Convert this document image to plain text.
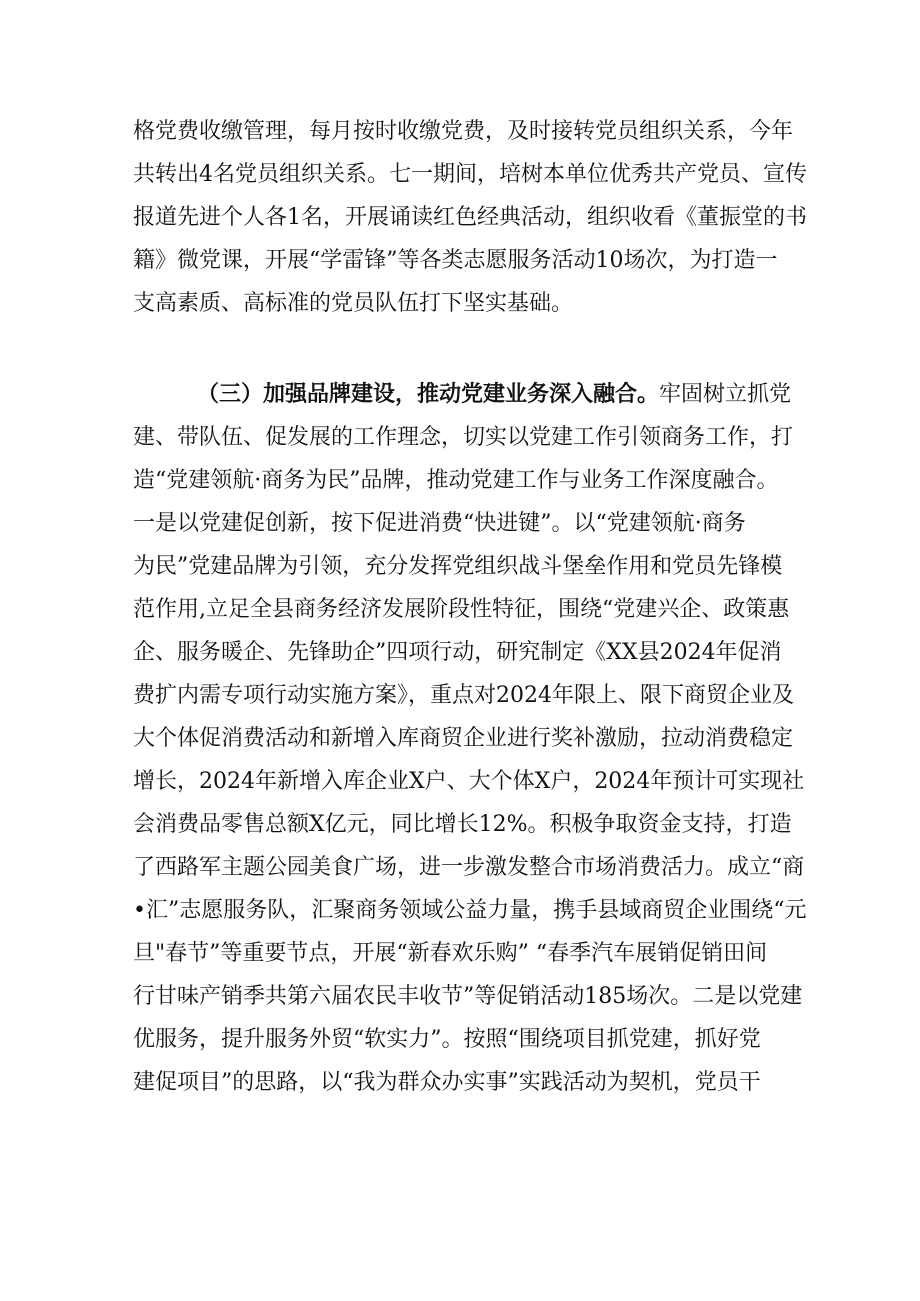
格党费收缴管理，每月按时收缴党费，及时接转党员组织关系，今年
共转出4名党员组织关系。七一期间，培树本单位优秀共产党员、宣传
报道先进个人各1名，开展诵读红色经典活动，组织收看《董振堂的书
籍》微党课，开展“学雷锋”等各类志愿服务活动10场次，为打造一
支高素质、高标准的党员队伍打下坚实基础。
（三）加强品牌建设，推动党建业务深入融合。牢固树立抓党
建、带队伍、促发展的工作理念，切实以党建工作引领商务工作，打
造“党建领航·商务为民”品牌，推动党建工作与业务工作深度融合。
一是以党建促创新，按下促进消费“快进键”。以“党建领航·商务
为民”党建品牌为引领，充分发挥党组织战斗堡垒作用和党员先锋模
范作用,立足全县商务经济发展阶段性特征，围绕“党建兴企、政策惠
企、服务暖企、先锋助企”四项行动，研究制定《XX县2024年促消
费扩内需专项行动实施方案》，重点对2024年限上、限下商贸企业及
大个体促消费活动和新增入库商贸企业进行奖补激励，拉动消费稳定
增长，2024年新增入库企业X户、大个体X户，2024年预计可实现社
会消费品零售总额X亿元，同比增长12%。积极争取资金支持，打造
了西路军主题公园美食广场，进一步激发整合市场消费活力。成立“商
•汇”志愿服务队，汇聚商务领域公益力量，携手县域商贸企业围绕“元
旦"春节”等重要节点，开展“新春欢乐购” “春季汽车展销促销田间
行甘味产销季共第六届农民丰收节”等促销活动185场次。二是以党建
优服务，提升服务外贸“软实力”。按照“围绕项目抓党建，抓好党
建促项目”的思路，以“我为群众办实事”实践活动为契机，党员干
